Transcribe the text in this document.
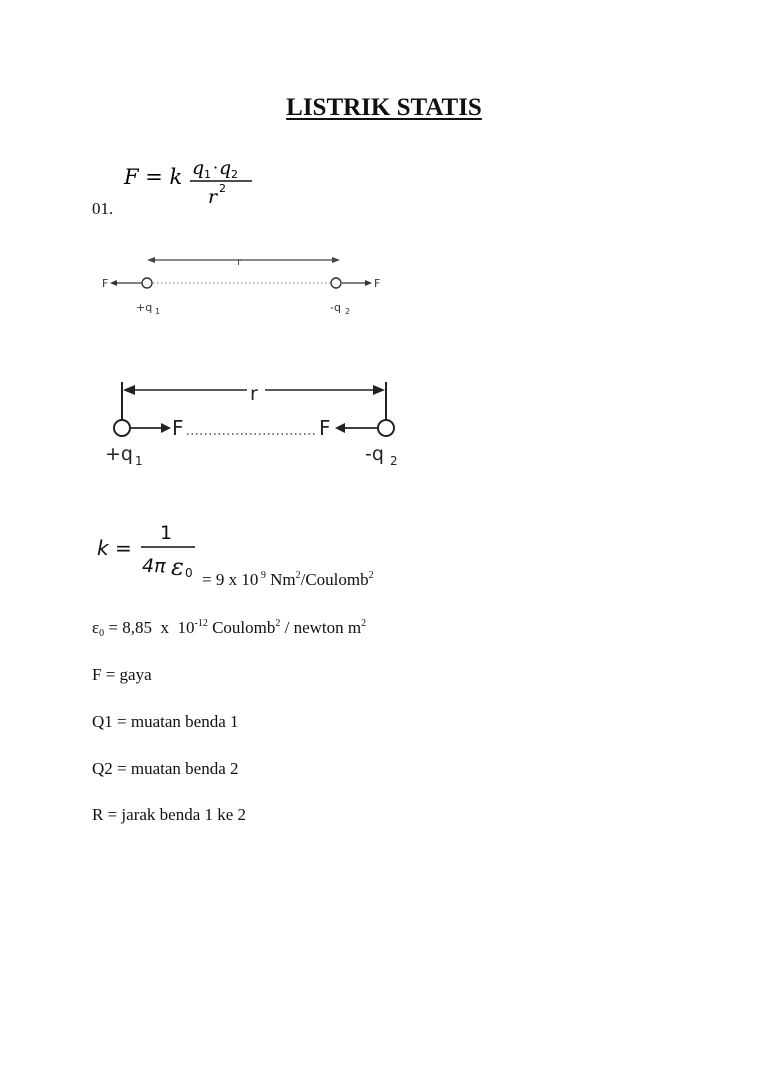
LISTRIK STATIS
F = k q 1 · q 2
r 2
01.
r
F	F
+q 1	-q 2
r
F	F
+q 1	-q 2
k =
1
4π ε 0 = 9 x 10 $^9$ Nm$^2$/Coulomb$^2$
$\varepsilon_0 = 8,85$  x  $10^{-12}$ Coulomb$^2$ / newton $m^2$
F = gaya
Q1 = muatan benda 1
Q2 = muatan benda 2
R = jarak benda 1 ke 2
